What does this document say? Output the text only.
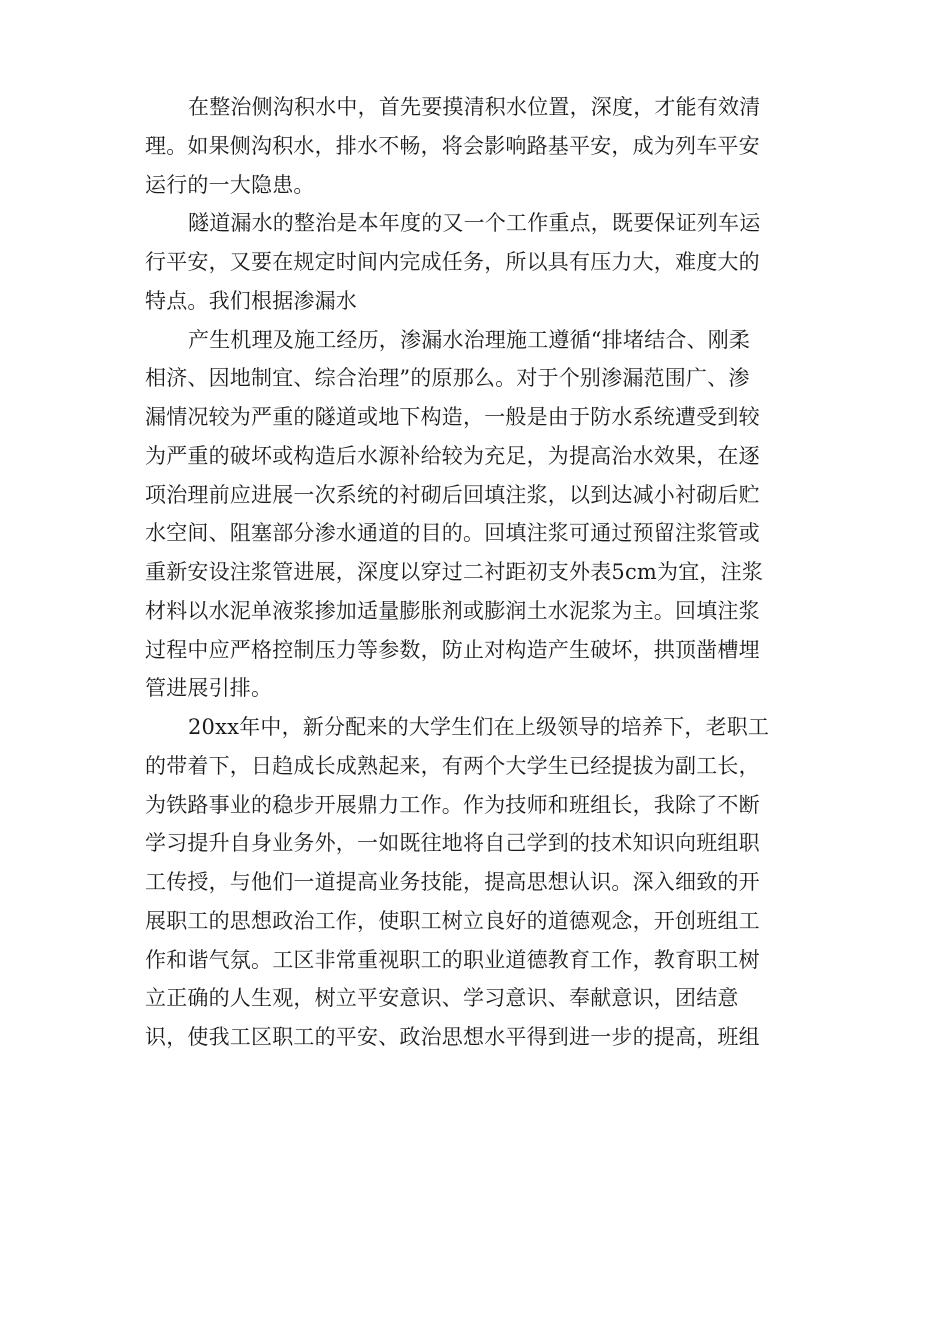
在整治侧沟积水中，首先要摸清积水位置，深度，才能有效清
理。如果侧沟积水，排水不畅，将会影响路基平安，成为列车平安
运行的一大隐患。
隧道漏水的整治是本年度的又一个工作重点，既要保证列车运
行平安，又要在规定时间内完成任务，所以具有压力大，难度大的
特点。我们根据渗漏水
产生机理及施工经历，渗漏水治理施工遵循“排堵结合、刚柔
相济、因地制宜、综合治理”的原那么。对于个别渗漏范围广、渗
漏情况较为严重的隧道或地下构造，一般是由于防水系统遭受到较
为严重的破坏或构造后水源补给较为充足，为提高治水效果，在逐
项治理前应进展一次系统的衬砌后回填注浆，以到达减小衬砌后贮
水空间、阻塞部分渗水通道的目的。回填注浆可通过预留注浆管或
重新安设注浆管进展，深度以穿过二衬距初支外表5cm为宜，注浆
材料以水泥单液浆掺加适量膨胀剂或膨润土水泥浆为主。回填注浆
过程中应严格控制压力等参数，防止对构造产生破坏，拱顶凿槽埋
管进展引排。
20xx年中，新分配来的大学生们在上级领导的培养下，老职工
的带着下，日趋成长成熟起来，有两个大学生已经提拔为副工长，
为铁路事业的稳步开展鼎力工作。作为技师和班组长，我除了不断
学习提升自身业务外，一如既往地将自己学到的技术知识向班组职
工传授，与他们一道提高业务技能，提高思想认识。深入细致的开
展职工的思想政治工作，使职工树立良好的道德观念，开创班组工
作和谐气氛。工区非常重视职工的职业道德教育工作，教育职工树
立正确的人生观，树立平安意识、学习意识、奉献意识，团结意
识，使我工区职工的平安、政治思想水平得到进一步的提高，班组
